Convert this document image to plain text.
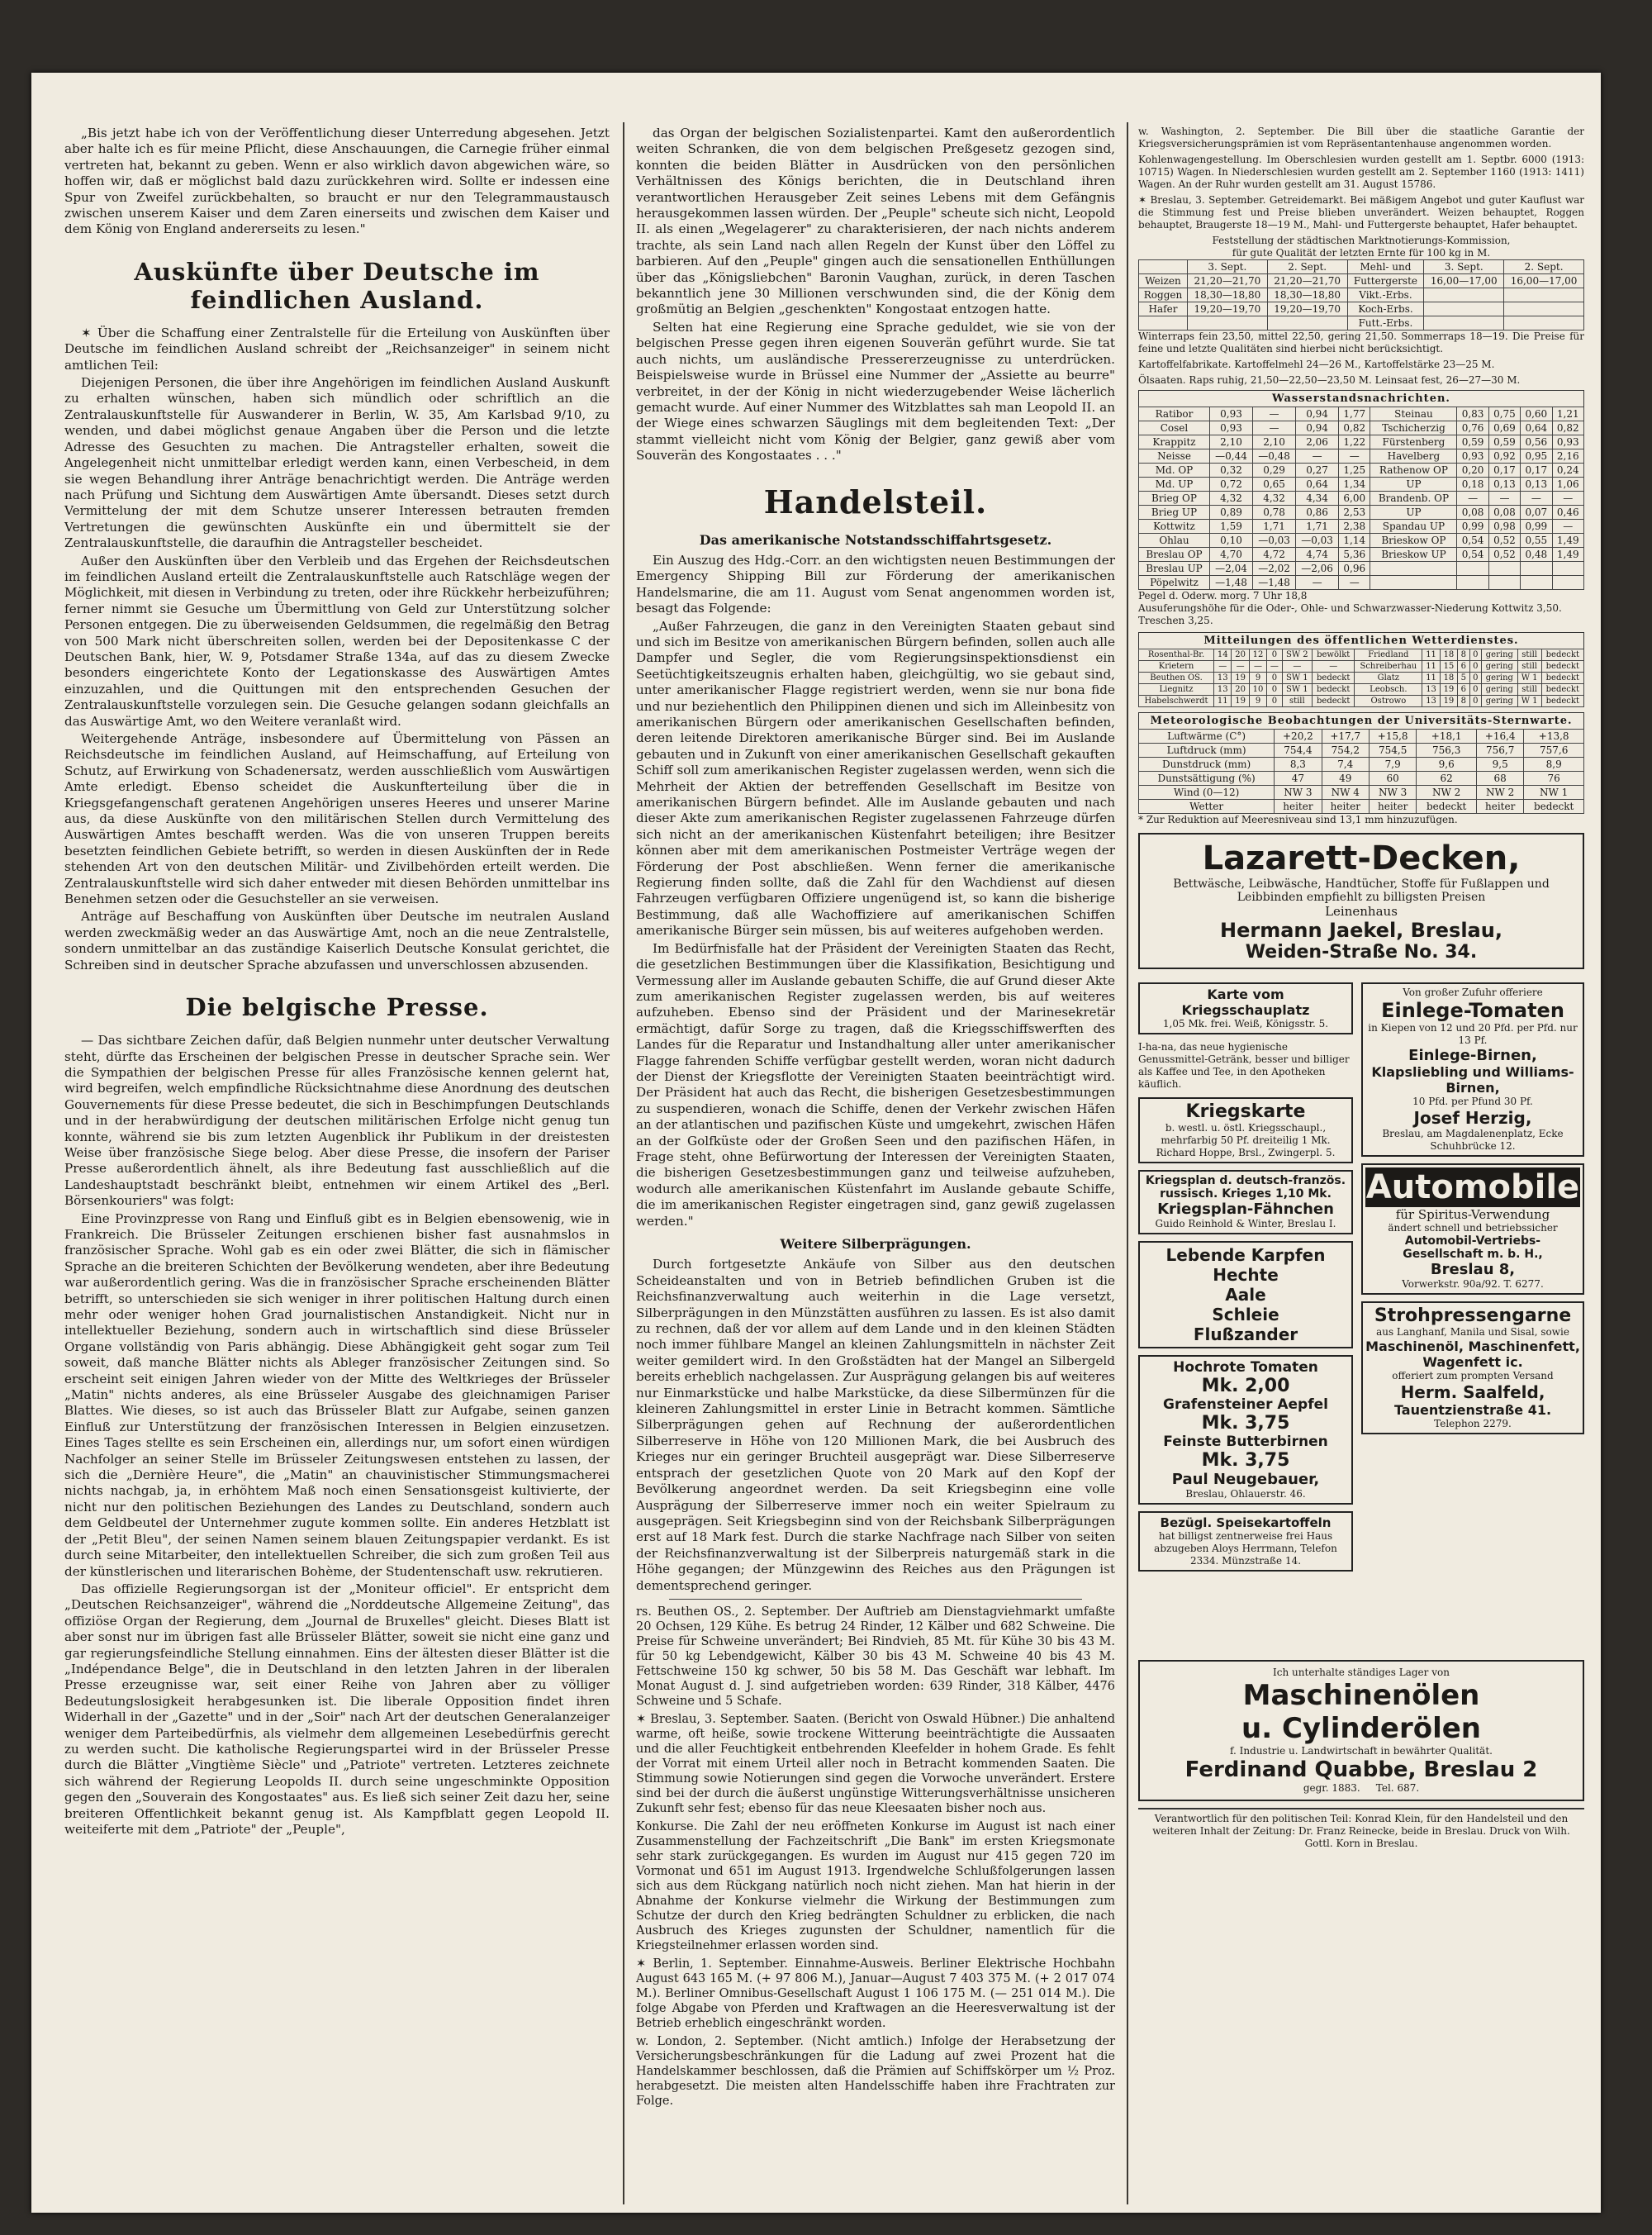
„Bis jetzt habe ich von der Veröffentlichung dieser Unterredung abgesehen. Jetzt aber halte ich es für meine Pflicht, diese Anschauungen, die Carnegie früher einmal vertreten hat, bekannt zu geben. Wenn er also wirklich davon abgewichen wäre, so hoffen wir, daß er möglichst bald dazu zurückkehren wird. Sollte er indessen eine Spur von Zweifel zurückbehalten, so braucht er nur den Telegrammaustausch zwischen unserem Kaiser und dem Zaren einerseits und zwischen dem Kaiser und dem König von England andererseits zu lesen."

Auskünfte über Deutsche im feindlichen Ausland.

✶ Über die Schaffung einer Zentralstelle für die Erteilung von Auskünften über Deutsche im feindlichen Ausland schreibt der „Reichsanzeiger" in seinem nicht amtlichen Teil:

Diejenigen Personen, die über ihre Angehörigen im feindlichen Ausland Auskunft zu erhalten wünschen, haben sich mündlich oder schriftlich an die Zentralauskunftstelle für Auswanderer in Berlin, W. 35, Am Karlsbad 9/10, zu wenden, und dabei möglichst genaue Angaben über die Person und die letzte Adresse des Gesuchten zu machen. Die Antragsteller erhalten, soweit die Angelegenheit nicht unmittelbar erledigt werden kann, einen Verbescheid, in dem sie wegen Behandlung ihrer Anträge benachrichtigt werden. Die Anträge werden nach Prüfung und Sichtung dem Auswärtigen Amte übersandt. Dieses setzt durch Vermittelung der mit dem Schutze unserer Interessen betrauten fremden Vertretungen die gewünschten Auskünfte ein und übermittelt sie der Zentralauskunftstelle, die daraufhin die Antragsteller bescheidet.

Außer den Auskünften über den Verbleib und das Ergehen der Reichsdeutschen im feindlichen Ausland erteilt die Zentralauskunftstelle auch Ratschläge wegen der Möglichkeit, mit diesen in Verbindung zu treten, oder ihre Rückkehr herbeizuführen; ferner nimmt sie Gesuche um Übermittlung von Geld zur Unterstützung solcher Personen entgegen. Die zu überweisenden Geldsummen, die regelmäßig den Betrag von 500 Mark nicht überschreiten sollen, werden bei der Depositenkasse C der Deutschen Bank, hier, W. 9, Potsdamer Straße 134a, auf das zu diesem Zwecke besonders eingerichtete Konto der Legationskasse des Auswärtigen Amtes einzuzahlen, und die Quittungen mit den entsprechenden Gesuchen der Zentralauskunftstelle vorzulegen sein. Die Gesuche gelangen sodann gleichfalls an das Auswärtige Amt, wo den Weitere veranlaßt wird.

Weitergehende Anträge, insbesondere auf Übermittelung von Pässen an Reichsdeutsche im feindlichen Ausland, auf Heimschaffung, auf Erteilung von Schutz, auf Erwirkung von Schadenersatz, werden ausschließlich vom Auswärtigen Amte erledigt. Ebenso scheidet die Auskunfterteilung über die in Kriegsgefangenschaft geratenen Angehörigen unseres Heeres und unserer Marine aus, da diese Auskünfte von den militärischen Stellen durch Vermittelung des Auswärtigen Amtes beschafft werden. Was die von unseren Truppen bereits besetzten feindlichen Gebiete betrifft, so werden in diesen Auskünften der in Rede stehenden Art von den deutschen Militär- und Zivilbehörden erteilt werden. Die Zentralauskunftstelle wird sich daher entweder mit diesen Behörden unmittelbar ins Benehmen setzen oder die Gesuchsteller an sie verweisen.

Anträge auf Beschaffung von Auskünften über Deutsche im neutralen Ausland werden zweckmäßig weder an das Auswärtige Amt, noch an die neue Zentralstelle, sondern unmittelbar an das zuständige Kaiserlich Deutsche Konsulat gerichtet, die Schreiben sind in deutscher Sprache abzufassen und unverschlossen abzusenden.

Die belgische Presse.

— Das sichtbare Zeichen dafür, daß Belgien nunmehr unter deutscher Verwaltung steht, dürfte das Erscheinen der belgischen Presse in deutscher Sprache sein. Wer die Sympathien der belgischen Presse für alles Französische kennen gelernt hat, wird begreifen, welch empfindliche Rücksichtnahme diese Anordnung des deutschen Gouvernements für diese Presse bedeutet, die sich in Beschimpfungen Deutschlands und in der herabwürdigung der deutschen militärischen Erfolge nicht genug tun konnte, während sie bis zum letzten Augenblick ihr Publikum in der dreistesten Weise über französische Siege belog. Aber diese Presse, die insofern der Pariser Presse außerordentlich ähnelt, als ihre Bedeutung fast ausschließlich auf die Landeshauptstadt beschränkt bleibt, entnehmen wir einem Artikel des „Berl. Börsenkouriers" was folgt:

Eine Provinzpresse von Rang und Einfluß gibt es in Belgien ebensowenig, wie in Frankreich. Die Brüsseler Zeitungen erschienen bisher fast ausnahmslos in französischer Sprache. Wohl gab es ein oder zwei Blätter, die sich in flämischer Sprache an die breiteren Schichten der Bevölkerung wendeten, aber ihre Bedeutung war außerordentlich gering. Was die in französischer Sprache erscheinenden Blätter betrifft, so unterschieden sie sich weniger in ihrer politischen Haltung durch einen mehr oder weniger hohen Grad journalistischen Anstandigkeit. Nicht nur in intellektueller Beziehung, sondern auch in wirtschaftlich sind diese Brüsseler Organe vollständig von Paris abhängig. Diese Abhängigkeit geht sogar zum Teil soweit, daß manche Blätter nichts als Ableger französischer Zeitungen sind. So erscheint seit einigen Jahren wieder von der Mitte des Weltkrieges der Brüsseler „Matin" nichts anderes, als eine Brüsseler Ausgabe des gleichnamigen Pariser Blattes. Wie dieses, so ist auch das Brüsseler Blatt zur Aufgabe, seinen ganzen Einfluß zur Unterstützung der französischen Interessen in Belgien einzusetzen. Eines Tages stellte es sein Erscheinen ein, allerdings nur, um sofort einen würdigen Nachfolger an seiner Stelle im Brüsseler Zeitungswesen entstehen zu lassen, der sich die „Dernière Heure", die „Matin" an chauvinistischer Stimmungsmacherei nichts nachgab, ja, in erhöhtem Maß noch einen Sensationsgeist kultivierte, der nicht nur den politischen Beziehungen des Landes zu Deutschland, sondern auch dem Geldbeutel der Unternehmer zugute kommen sollte. Ein anderes Hetzblatt ist der „Petit Bleu", der seinen Namen seinem blauen Zeitungspapier verdankt. Es ist durch seine Mitarbeiter, den intellektuellen Schreiber, die sich zum großen Teil aus der künstlerischen und literarischen Bohème, der Studentenschaft usw. rekrutieren.

Das offizielle Regierungsorgan ist der „Moniteur officiel". Er entspricht dem „Deutschen Reichsanzeiger", während die „Norddeutsche Allgemeine Zeitung", das offiziöse Organ der Regierung, dem „Journal de Bruxelles" gleicht. Dieses Blatt ist aber sonst nur im übrigen fast alle Brüsseler Blätter, soweit sie nicht eine ganz und gar regierungsfeindliche Stellung einnahmen. Eins der ältesten dieser Blätter ist die „Indépendance Belge", die in Deutschland in den letzten Jahren in der liberalen Presse erzeugnisse war, seit einer Reihe von Jahren aber zu völliger Bedeutungslosigkeit herabgesunken ist. Die liberale Opposition findet ihren Widerhall in der „Gazette" und in der „Soir" nach Art der deutschen Generalanzeiger weniger dem Parteibedürfnis, als vielmehr dem allgemeinen Lesebedürfnis gerecht zu werden sucht. Die katholische Regierungspartei wird in der Brüsseler Presse durch die Blätter „Vingtième Siècle" und „Patriote" vertreten. Letzteres zeichnete sich während der Regierung Leopolds II. durch seine ungeschminkte Opposition gegen den „Souverain des Kongostaates" aus. Es ließ sich seiner Zeit dazu her, seine breiteren Offentlichkeit bekannt genug ist. Als Kampfblatt gegen Leopold II. weiteiferte mit dem „Patriote" der „Peuple",

das Organ der belgischen Sozialistenpartei. Kamt den außerordentlich weiten Schranken, die von dem belgischen Preßgesetz gezogen sind, konnten die beiden Blätter in Ausdrücken von den persönlichen Verhältnissen des Königs berichten, die in Deutschland ihren verantwortlichen Herausgeber Zeit seines Lebens mit dem Gefängnis herausgekommen lassen würden. Der „Peuple" scheute sich nicht, Leopold II. als einen „Wegelagerer" zu charakterisieren, der nach nichts anderem trachte, als sein Land nach allen Regeln der Kunst über den Löffel zu barbieren. Auf den „Peuple" gingen auch die sensationellen Enthüllungen über das „Königsliebchen" Baronin Vaughan, zurück, in deren Taschen bekanntlich jene 30 Millionen verschwunden sind, die der König dem großmütig an Belgien „geschenkten" Kongostaat entzogen hatte.

Selten hat eine Regierung eine Sprache geduldet, wie sie von der belgischen Presse gegen ihren eigenen Souverän geführt wurde. Sie tat auch nichts, um ausländische Pressererzeugnisse zu unterdrücken. Beispielsweise wurde in Brüssel eine Nummer der „Assiette au beurre" verbreitet, in der der König in nicht wiederzugebender Weise lächerlich gemacht wurde. Auf einer Nummer des Witzblattes sah man Leopold II. an der Wiege eines schwarzen Säuglings mit dem begleitenden Text: „Der stammt vielleicht nicht vom König der Belgier, ganz gewiß aber vom Souverän des Kongostaates . . ."

Handelsteil.
Das amerikanische Notstandsschiffahrtsgesetz.

Ein Auszug des Hdg.-Corr. an den wichtigsten neuen Bestimmungen der Emergency Shipping Bill zur Förderung der amerikanischen Handelsmarine, die am 11. August vom Senat angenommen worden ist, besagt das Folgende:

„Außer Fahrzeugen, die ganz in den Vereinigten Staaten gebaut sind und sich im Besitze von amerikanischen Bürgern befinden, sollen auch alle Dampfer und Segler, die vom Regierungsinspektionsdienst ein Seetüchtigkeitszeugnis erhalten haben, gleichgültig, wo sie gebaut sind, unter amerikanischer Flagge registriert werden, wenn sie nur bona fide und nur beziehentlich den Philippinen dienen und sich im Alleinbesitz von amerikanischen Bürgern oder amerikanischen Gesellschaften befinden, deren leitende Direktoren amerikanische Bürger sind. Bei im Auslande gebauten und in Zukunft von einer amerikanischen Gesellschaft gekauften Schiff soll zum amerikanischen Register zugelassen werden, wenn sich die Mehrheit der Aktien der betreffenden Gesellschaft im Besitze von amerikanischen Bürgern befindet. Alle im Auslande gebauten und nach dieser Akte zum amerikanischen Register zugelassenen Fahrzeuge dürfen sich nicht an der amerikanischen Küstenfahrt beteiligen; ihre Besitzer können aber mit dem amerikanischen Postmeister Verträge wegen der Förderung der Post abschließen. Wenn ferner die amerikanische Regierung finden sollte, daß die Zahl für den Wachdienst auf diesen Fahrzeugen verfügbaren Offiziere ungenügend ist, so kann die bisherige Bestimmung, daß alle Wachoffiziere auf amerikanischen Schiffen amerikanische Bürger sein müssen, bis auf weiteres aufgehoben werden.

Im Bedürfnisfalle hat der Präsident der Vereinigten Staaten das Recht, die gesetzlichen Bestimmungen über die Klassifikation, Besichtigung und Vermessung aller im Auslande gebauten Schiffe, die auf Grund dieser Akte zum amerikanischen Register zugelassen werden, bis auf weiteres aufzuheben. Ebenso sind der Präsident und der Marinesekretär ermächtigt, dafür Sorge zu tragen, daß die Kriegsschiffswerften des Landes für die Reparatur und Instandhaltung aller unter amerikanischer Flagge fahrenden Schiffe verfügbar gestellt werden, woran nicht dadurch der Dienst der Kriegsflotte der Vereinigten Staaten beeinträchtigt wird. Der Präsident hat auch das Recht, die bisherigen Gesetzesbestimmungen zu suspendieren, wonach die Schiffe, denen der Verkehr zwischen Häfen an der atlantischen und pazifischen Küste und umgekehrt, zwischen Häfen an der Golfküste oder der Großen Seen und den pazifischen Häfen, in Frage steht, ohne Befürwortung der Interessen der Vereinigten Staaten, die bisherigen Gesetzesbestimmungen ganz und teilweise aufzuheben, wodurch alle amerikanischen Küstenfahrt im Auslande gebaute Schiffe, die im amerikanischen Register eingetragen sind, ganz gewiß zugelassen werden."

Weitere Silberprägungen.

Durch fortgesetzte Ankäufe von Silber aus den deutschen Scheideanstalten und von in Betrieb befindlichen Gruben ist die Reichsfinanzverwaltung auch weiterhin in die Lage versetzt, Silberprägungen in den Münzstätten ausführen zu lassen. Es ist also damit zu rechnen, daß der vor allem auf dem Lande und in den kleinen Städten noch immer fühlbare Mangel an kleinen Zahlungsmitteln in nächster Zeit weiter gemildert wird. In den Großstädten hat der Mangel an Silbergeld bereits erheblich nachgelassen. Zur Ausprägung gelangen bis auf weiteres nur Einmarkstücke und halbe Markstücke, da diese Silbermünzen für die kleineren Zahlungsmittel in erster Linie in Betracht kommen. Sämtliche Silberprägungen gehen auf Rechnung der außerordentlichen Silberreserve in Höhe von 120 Millionen Mark, die bei Ausbruch des Krieges nur ein geringer Bruchteil ausgeprägt war. Diese Silberreserve entsprach der gesetzlichen Quote von 20 Mark auf den Kopf der Bevölkerung angeordnet werden. Da seit Kriegsbeginn eine volle Ausprägung der Silberreserve immer noch ein weiter Spielraum zu ausgeprägen. Seit Kriegsbeginn sind von der Reichsbank Silberprägungen erst auf 18 Mark fest. Durch die starke Nachfrage nach Silber von seiten der Reichsfinanzverwaltung ist der Silberpreis naturgemäß stark in die Höhe gegangen; der Münzgewinn des Reiches aus den Prägungen ist dementsprechend geringer.

rs. Beuthen OS., 2. September. Der Auftrieb am Dienstagviehmarkt umfaßte 20 Ochsen, 129 Kühe. Es betrug 24 Rinder, 12 Kälber und 682 Schweine. Die Preise für Schweine unverändert; Bei Rindvieh, 85 Mt. für Kühe 30 bis 43 M. für 50 kg Lebendgewicht, Kälber 30 bis 43 M. Schweine 40 bis 43 M. Fettschweine 150 kg schwer, 50 bis 58 M. Das Geschäft war lebhaft. Im Monat August d. J. sind aufgetrieben worden: 639 Rinder, 318 Kälber, 4476 Schweine und 5 Schafe.
✶ Breslau, 3. September. Saaten. (Bericht von Oswald Hübner.) Die anhaltend warme, oft heiße, sowie trockene Witterung beeinträchtigte die Aussaaten und die aller Feuchtigkeit entbehrenden Kleefelder in hohem Grade. Es fehlt der Vorrat mit einem Urteil aller noch in Betracht kommenden Saaten. Die Stimmung sowie Notierungen sind gegen die Vorwoche unverändert. Erstere sind bei der durch die äußerst ungünstige Witterungsverhältnisse unsicheren Zukunft sehr fest; ebenso für das neue Kleesaaten bisher noch aus.
Konkurse. Die Zahl der neu eröffneten Konkurse im August ist nach einer Zusammenstellung der Fachzeitschrift „Die Bank" im ersten Kriegsmonate sehr stark zurückgegangen. Es wurden im August nur 415 gegen 720 im Vormonat und 651 im August 1913. Irgendwelche Schlußfolgerungen lassen sich aus dem Rückgang natürlich noch nicht ziehen. Man hat hierin in der Abnahme der Konkurse vielmehr die Wirkung der Bestimmungen zum Schutze der durch den Krieg bedrängten Schuldner zu erblicken, die nach Ausbruch des Krieges zugunsten der Schuldner, namentlich für die Kriegsteilnehmer erlassen worden sind.
✶ Berlin, 1. September. Einnahme-Ausweis. Berliner Elektrische Hochbahn August 643 165 M. (+ 97 806 M.), Januar—August 7 403 375 M. (+ 2 017 074 M.). Berliner Omnibus-Gesellschaft August 1 106 175 M. (— 251 014 M.). Die folge Abgabe von Pferden und Kraftwagen an die Heeresverwaltung ist der Betrieb erheblich eingeschränkt worden.
w. London, 2. September. (Nicht amtlich.) Infolge der Herabsetzung der Versicherungsbeschränkungen für die Ladung auf zwei Prozent hat die Handelskammer beschlossen, daß die Prämien auf Schiffskörper um ½ Proz. herabgesetzt. Die meisten alten Handelsschiffe haben ihre Frachtraten zur Folge.
w. Washington, 2. September. Die Bill über die staatliche Garantie der Kriegsversicherungsprämien ist vom Repräsentantenhause angenommen worden.
Kohlenwagengestellung. Im Oberschlesien wurden gestellt am 1. Septbr. 6000 (1913: 10715) Wagen. In Niederschlesien wurden gestellt am 2. September 1160 (1913: 1411) Wagen. An der Ruhr wurden gestellt am 31. August 15786.
✶ Breslau, 3. September. Getreidemarkt. Bei mäßigem Angebot und guter Kauflust war die Stimmung fest und Preise blieben unverändert. Weizen behauptet, Roggen behauptet, Braugerste 18—19 M., Mahl- und Futtergerste behauptet, Hafer behauptet.
Feststellung der städtischen Marktnotierungs-Kommission,
für gute Qualität der letzten Ernte für 100 kg in M.
	3. Sept.	2. Sept.	Mehl- und	3. Sept.	2. Sept.
Weizen	21,20—21,70	21,20—21,70	Futtergerste	16,00—17,00	16,00—17,00
Roggen	18,30—18,80	18,30—18,80	Vikt.-Erbs.		
Hafer	19,20—19,70	19,20—19,70	Koch-Erbs.		
			Futt.-Erbs.		
Winterraps fein 23,50, mittel 22,50, gering 21,50. Sommerraps 18—19. Die Preise für feine und letzte Qualitäten sind hierbei nicht berücksichtigt.
Kartoffelfabrikate. Kartoffelmehl 24—26 M., Kartoffelstärke 23—25 M.
Ölsaaten. Raps ruhig, 21,50—22,50—23,50 M. Leinsaat fest, 26—27—30 M.
Wasserstandsnachrichten.
Ratibor	0,93	—	0,94	1,77	Steinau	0,83	0,75	0,60	1,21
Cosel	0,93	—	0,94	0,82	Tschicherzig	0,76	0,69	0,64	0,82
Krappitz	2,10	2,10	2,06	1,22	Fürstenberg	0,59	0,59	0,56	0,93
Neisse	—0,44	—0,48	—	—	Havelberg	0,93	0,92	0,95	2,16
Md. OP	0,32	0,29	0,27	1,25	Rathenow OP	0,20	0,17	0,17	0,24
Md. UP	0,72	0,65	0,64	1,34	UP	0,18	0,13	0,13	1,06
Brieg OP	4,32	4,32	4,34	6,00	Brandenb. OP	—	—	—	—
Brieg UP	0,89	0,78	0,86	2,53	UP	0,08	0,08	0,07	0,46
Kottwitz	1,59	1,71	1,71	2,38	Spandau UP	0,99	0,98	0,99	—
Ohlau	0,10	—0,03	—0,03	1,14	Brieskow OP	0,54	0,52	0,55	1,49
Breslau OP	4,70	4,72	4,74	5,36	Brieskow UP	0,54	0,52	0,48	1,49
Breslau UP	—2,04	—2,02	—2,06	0,96					
Pöpelwitz	—1,48	—1,48	—	—					
Pegel d. Oderw. morg. 7 Uhr 18,8
Ausuferungshöhe für die Oder-, Ohle- und Schwarzwasser-Niederung Kottwitz 3,50. Treschen 3,25.
Mitteilungen des öffentlichen Wetterdienstes.
Rosenthal-Br.	14	20	12	0	SW 2	bewölkt	Friedland	11	18	8	0	gering	still	bedeckt
Krietern	—	—	—	—	—	—	Schreiberhau	11	15	6	0	gering	still	bedeckt
Beuthen OS.	13	19	9	0	SW 1	bedeckt	Glatz	11	18	5	0	gering	W 1	bedeckt
Liegnitz	13	20	10	0	SW 1	bedeckt	Leobsch.	13	19	6	0	gering	still	bedeckt
Habelschwerdt	11	19	9	0	still	bedeckt	Ostrowo	13	19	8	0	gering	W 1	bedeckt
Meteorologische Beobachtungen der Universitäts-Sternwarte.
Luftwärme (C°)	+20,2	+17,7	+15,8	+18,1	+16,4	+13,8
Luftdruck (mm)	754,4	754,2	754,5	756,3	756,7	757,6
Dunstdruck (mm)	8,3	7,4	7,9	9,6	9,5	8,9
Dunstsättigung (%)	47	49	60	62	68	76
Wind (0—12)	NW 3	NW 4	NW 3	NW 2	NW 2	NW 1
Wetter	heiter	heiter	heiter	bedeckt	heiter	bedeckt
* Zur Reduktion auf Meeresniveau sind 13,1 mm hinzuzufügen.
Lazarett-Decken,
Bettwäsche, Leibwäsche, Handtücher, Stoffe für Fußlappen und Leibbinden empfiehlt zu billigsten Preisen
Leinenhaus
Hermann Jaekel, Breslau,
Weiden-Straße No. 34.
Karte vom Kriegsschauplatz
1,05 Mk. frei. Weiß, Königsstr. 5.
I-ha-na, das neue hygienische Genussmittel-Getränk, besser und billiger als Kaffee und Tee, in den Apotheken käuflich.
Kriegskarte
b. westl. u. östl. Kriegsschaupl., mehrfarbig 50 Pf. dreiteilig 1 Mk. Richard Hoppe, Brsl., Zwingerpl. 5.
Kriegsplan d. deutsch-französ. russisch. Krieges 1,10 Mk.
Kriegsplan-Fähnchen
Guido Reinhold & Winter, Breslau I.
Lebende Karpfen
Hechte
Aale
Schleie
Flußzander
Hochrote Tomaten
Mk. 2,00
Grafensteiner Aepfel
Mk. 3,75
Feinste Butterbirnen
Mk. 3,75
Paul Neugebauer,
Breslau, Ohlauerstr. 46.
Bezügl. Speisekartoffeln
hat billigst zentnerweise frei Haus abzugeben Aloys Herrmann, Telefon 2334. Münzstraße 14.
Von großer Zufuhr offeriere
Einlege-Tomaten
in Kiepen von 12 und 20 Pfd. per Pfd. nur 13 Pf.
Einlege-Birnen,
Klapsliebling und Williams-Birnen,
10 Pfd. per Pfund 30 Pf.
Josef Herzig,
Breslau, am Magdalenenplatz, Ecke Schuhbrücke 12.
Automobile
für Spiritus-Verwendung
ändert schnell und betriebssicher
Automobil-Vertriebs-Gesellschaft m. b. H.,
Breslau 8,
Vorwerkstr. 90a/92. T. 6277.
Strohpressengarne
aus Langhanf, Manila und Sisal, sowie
Maschinenöl, Maschinenfett, Wagenfett ic.
offeriert zum prompten Versand
Herm. Saalfeld,
Tauentzienstraße 41.
Telephon 2279.
Ich unterhalte ständiges Lager von
Maschinenölen
u. Cylinderölen
f. Industrie u. Landwirtschaft in bewährter Qualität.
Ferdinand Quabbe, Breslau 2
gegr. 1883. Tel. 687.
Verantwortlich für den politischen Teil: Konrad Klein, für den Handelsteil und den weiteren Inhalt der Zeitung: Dr. Franz Reinecke, beide in Breslau. Druck von Wilh. Gottl. Korn in Breslau.
